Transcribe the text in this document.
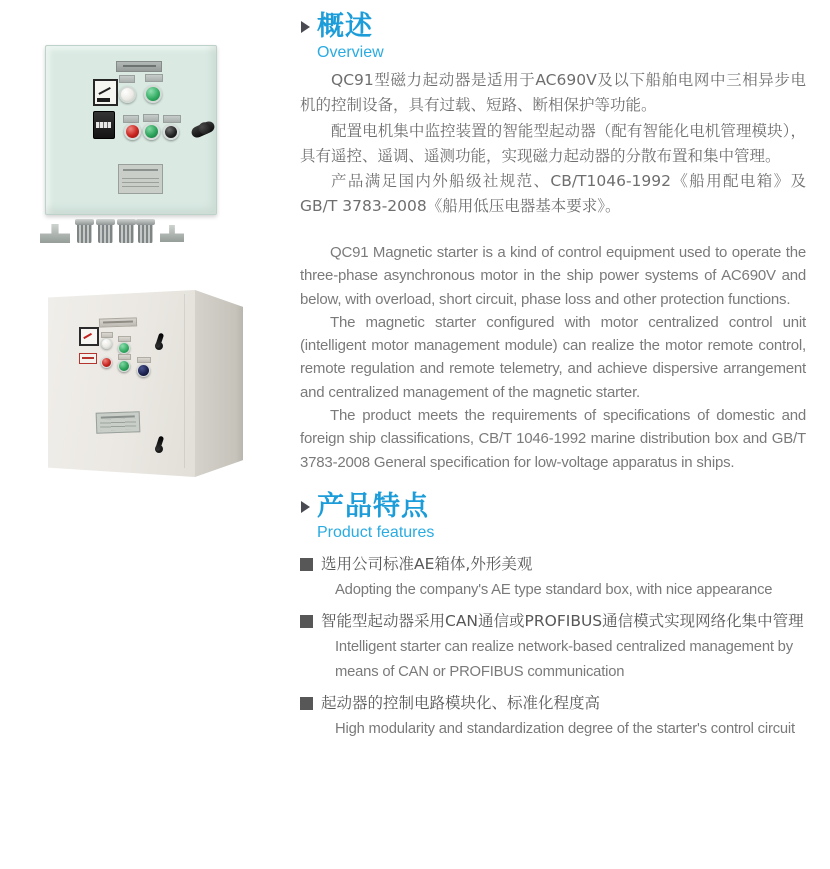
概述
Overview

QC91型磁力起动器是适用于AC690V及以下船舶电网中三相异步电机的控制设备，具有过载、短路、断相保护等功能。

配置电机集中监控装置的智能型起动器（配有智能化电机管理模块），具有遥控、遥调、遥测功能，实现磁力起动器的分散布置和集中管理。

产品满足国内外船级社规范、CB/T1046-1992《船用配电箱》及GB/T 3783-2008《船用低压电器基本要求》。

QC91 Magnetic starter is a kind of control equipment used to operate the three-phase asynchronous motor in the ship power systems of AC690V and below, with overload, short circuit, phase loss and other protection functions.

The magnetic starter configured with motor centralized control unit (intelligent motor management module) can realize the motor remote control, remote regulation and remote telemetry, and achieve dispersive arrangement and centralized management of the magnetic starter.

The product meets the requirements of specifications of domestic and foreign ship classifications, CB/T 1046-1992 marine distribution box and GB/T 3783-2008 General specification for low-voltage apparatus in ships.

产品特点
Product features
选用公司标准AE箱体,外形美观

Adopting the company's AE type standard box, with nice appearance

智能型起动器采用CAN通信或PROFIBUS通信模式实现网络化集中管理

Intelligent starter can realize network-based centralized management by means of CAN or PROFIBUS communication

起动器的控制电路模块化、标准化程度高

High modularity and standardization degree of the starter's control circuit
